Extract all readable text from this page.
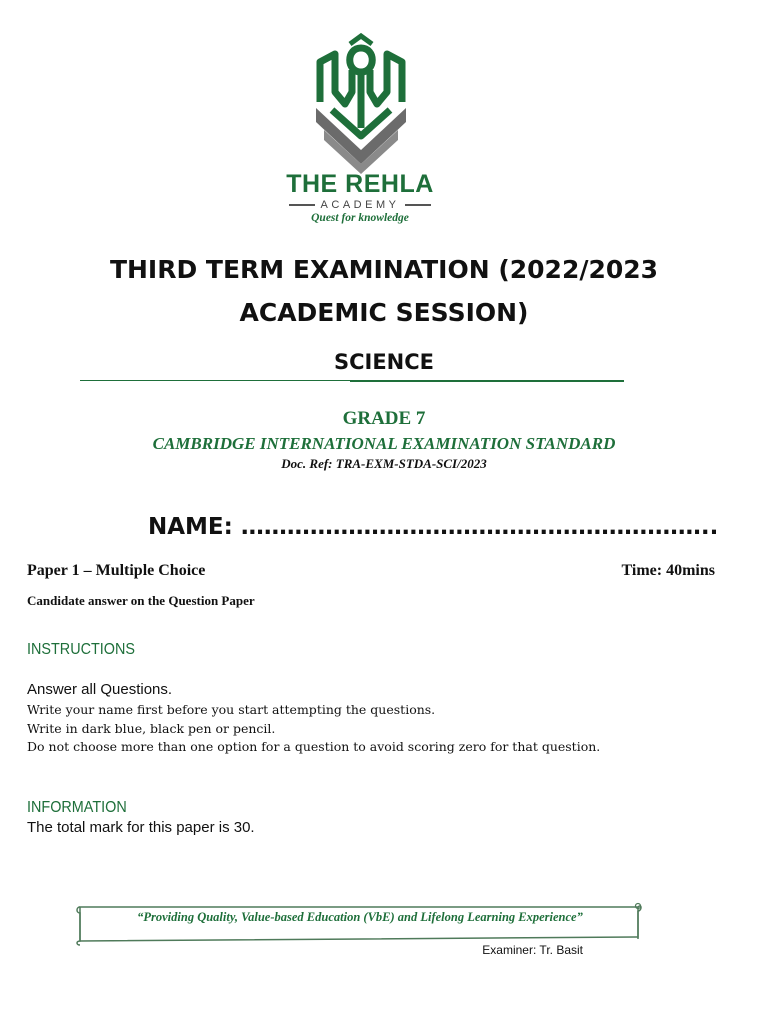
THE REHLA
ACADEMY
Quest for knowledge
THIRD TERM EXAMINATION (2022/2023 ACADEMIC SESSION)
SCIENCE
GRADE 7
CAMBRIDGE INTERNATIONAL EXAMINATION STANDARD
Doc. Ref: TRA-EXM-STDA-SCI/2023
NAME: ……………………………………………………..
Paper 1 – Multiple Choice	Time: 40mins
Candidate answer on the Question Paper
INSTRUCTIONS
Answer all Questions.
Write your name first before you start attempting the questions.
Write in dark blue, black pen or pencil.
Do not choose more than one option for a question to avoid scoring zero for that question.
INFORMATION
The total mark for this paper is 30.
“Providing Quality, Value-based Education (VbE) and Lifelong Learning Experience”
Examiner: Tr. Basit
